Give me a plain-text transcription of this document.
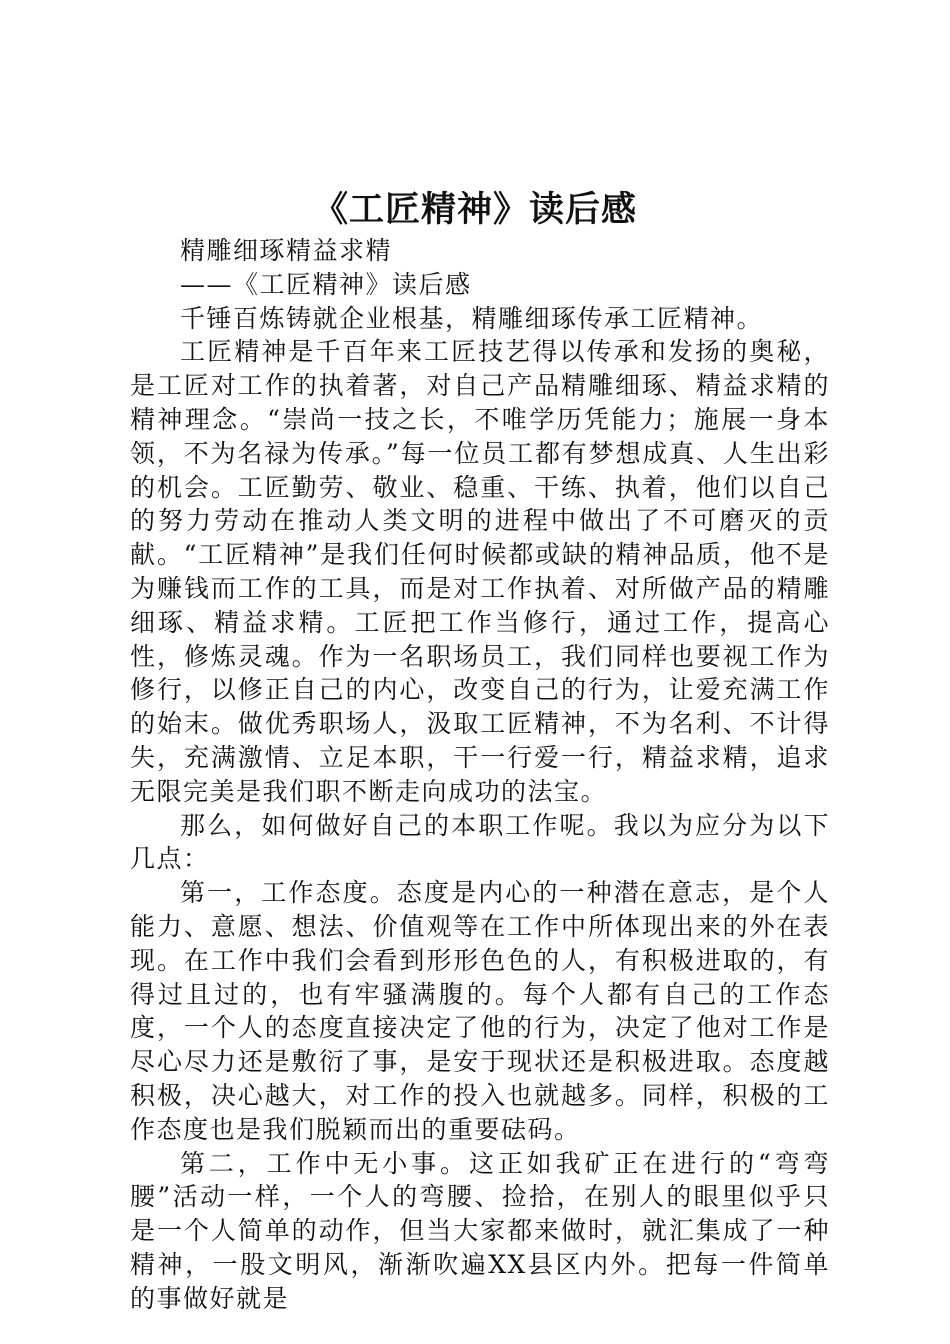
《工匠精神》读后感

精雕细琢精益求精

——《工匠精神》读后感

千锤百炼铸就企业根基，精雕细琢传承工匠精神。

工匠精神是千百年来工匠技艺得以传承和发扬的奥秘，是工匠对工作的执着著，对自己产品精雕细琢、精益求精的精神理念。“崇尚一技之长，不唯学历凭能力；施展一身本领，不为名禄为传承。”每一位员工都有梦想成真、人生出彩的机会。工匠勤劳、敬业、稳重、干练、执着，他们以自己的努力劳动在推动人类文明的进程中做出了不可磨灭的贡献。“工匠精神”是我们任何时候都或缺的精神品质，他不是为赚钱而工作的工具，而是对工作执着、对所做产品的精雕细琢、精益求精。工匠把工作当修行，通过工作，提高心性，修炼灵魂。作为一名职场员工，我们同样也要视工作为修行，以修正自己的内心，改变自己的行为，让爱充满工作的始末。做优秀职场人，汲取工匠精神，不为名利、不计得失，充满激情、立足本职，干一行爱一行，精益求精，追求无限完美是我们职不断走向成功的法宝。

那么，如何做好自己的本职工作呢。我以为应分为以下几点：

第一，工作态度。态度是内心的一种潜在意志，是个人能力、意愿、想法、价值观等在工作中所体现出来的外在表现。在工作中我们会看到形形色色的人，有积极进取的，有得过且过的，也有牢骚满腹的。每个人都有自己的工作态度，一个人的态度直接决定了他的行为，决定了他对工作是尽心尽力还是敷衍了事，是安于现状还是积极进取。态度越积极，决心越大，对工作的投入也就越多。同样，积极的工作态度也是我们脱颖而出的重要砝码。

第二，工作中无小事。这正如我矿正在进行的“弯弯腰”活动一样，一个人的弯腰、捡拾，在别人的眼里似乎只是一个人简单的动作，但当大家都来做时，就汇集成了一种精神，一股文明风，渐渐吹遍XX县区内外。把每一件简单的事做好就是
